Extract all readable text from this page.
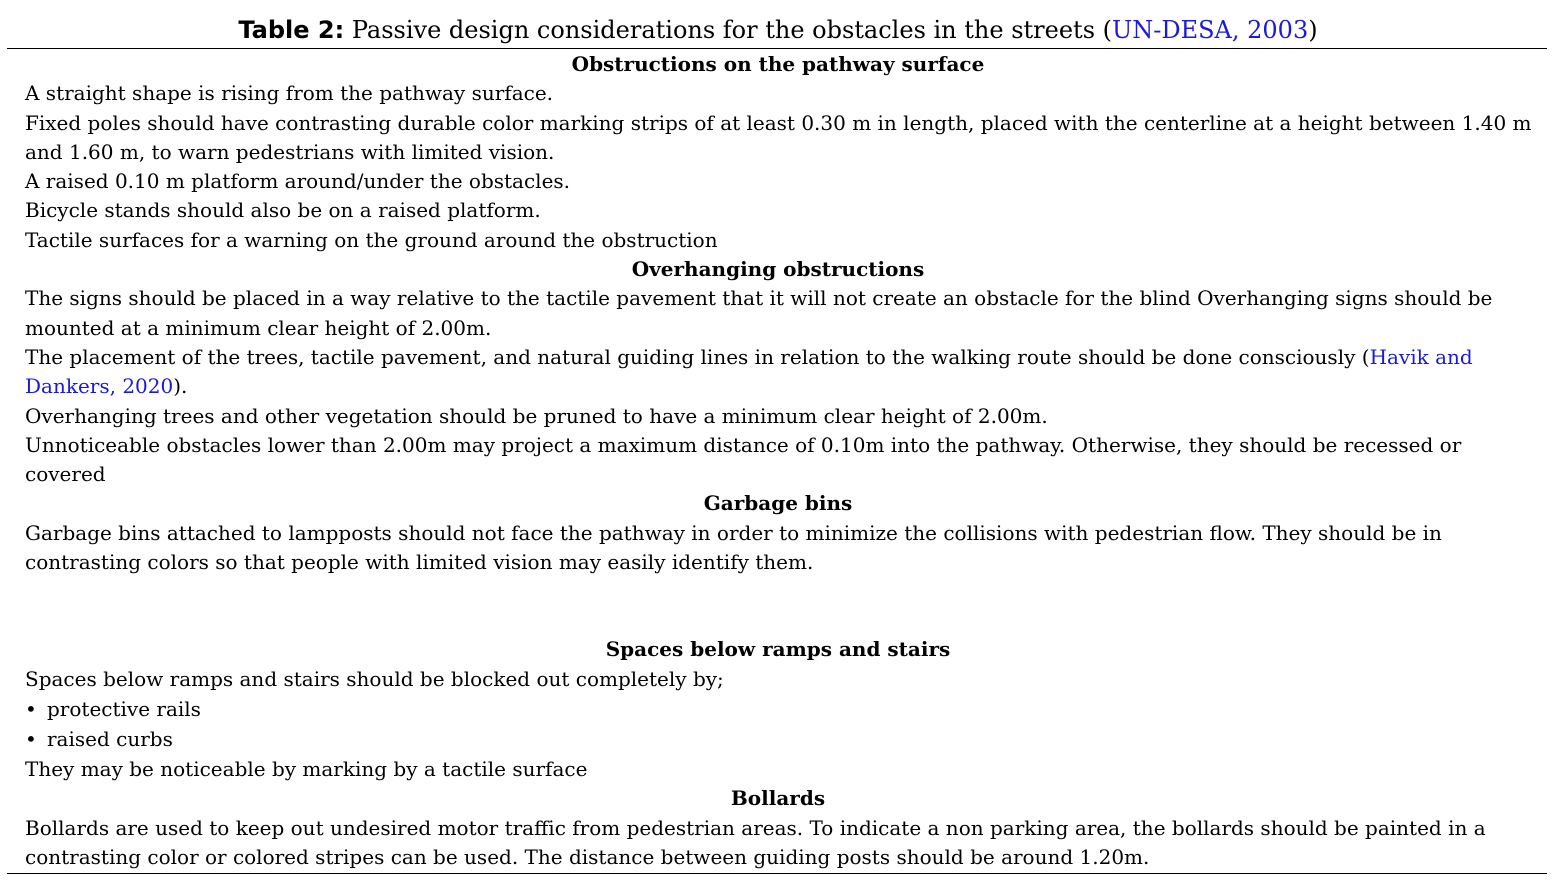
Table 2: Passive design considerations for the obstacles in the streets (UN-DESA, 2003)
Obstructions on the pathway surface

A straight shape is rising from the pathway surface.

Fixed poles should have contrasting durable color marking strips of at least 0.30 m in length, placed with the centerline at a height between 1.40 m and 1.60 m, to warn pedestrians with limited vision.

A raised 0.10 m platform around/under the obstacles.

Bicycle stands should also be on a raised platform.

Tactile surfaces for a warning on the ground around the obstruction

Overhanging obstructions

The signs should be placed in a way relative to the tactile pavement that it will not create an obstacle for the blind Overhanging signs should be mounted at a minimum clear height of 2.00m.

The placement of the trees, tactile pavement, and natural guiding lines in relation to the walking route should be done consciously (Havik and Dankers, 2020).

Overhanging trees and other vegetation should be pruned to have a minimum clear height of 2.00m.

Unnoticeable obstacles lower than 2.00m may project a maximum distance of 0.10m into the pathway. Otherwise, they should be recessed or covered

Garbage bins

Garbage bins attached to lampposts should not face the pathway in order to minimize the collisions with pedestrian flow. They should be in contrasting colors so that people with limited vision may easily identify them.

Spaces below ramps and stairs

Spaces below ramps and stairs should be blocked out completely by;

• protective rails
• raised curbs

They may be noticeable by marking by a tactile surface

Bollards

Bollards are used to keep out undesired motor traffic from pedestrian areas. To indicate a non parking area, the bollards should be painted in a contrasting color or colored stripes can be used. The distance between guiding posts should be around 1.20m.
